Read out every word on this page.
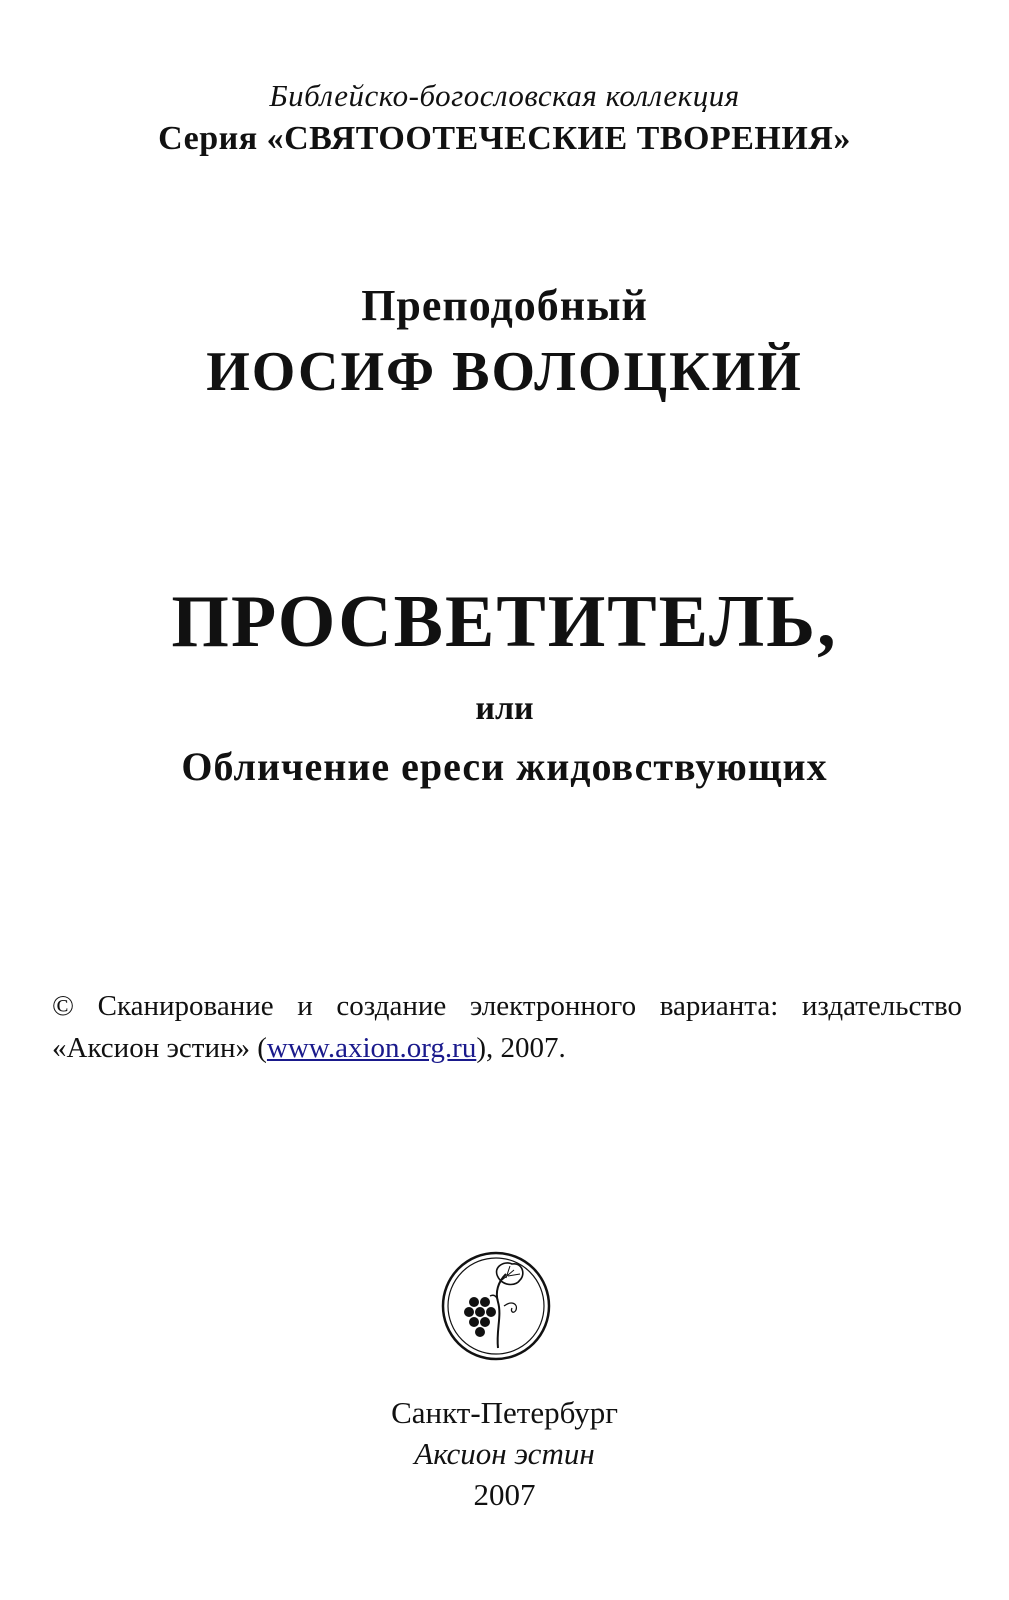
Библейско-богословская коллекция
Серия «СВЯТООТЕЧЕСКИЕ ТВОРЕНИЯ»
Преподобный
ИОСИФ ВОЛОЦКИЙ
ПРОСВЕТИТЕЛЬ,
или
Обличение ереси жидовствующих
© Сканирование и создание электронного варианта: издательство «Аксион эстин» (www.axion.org.ru), 2007.
Санкт-Петербург
Аксион эстин
2007
